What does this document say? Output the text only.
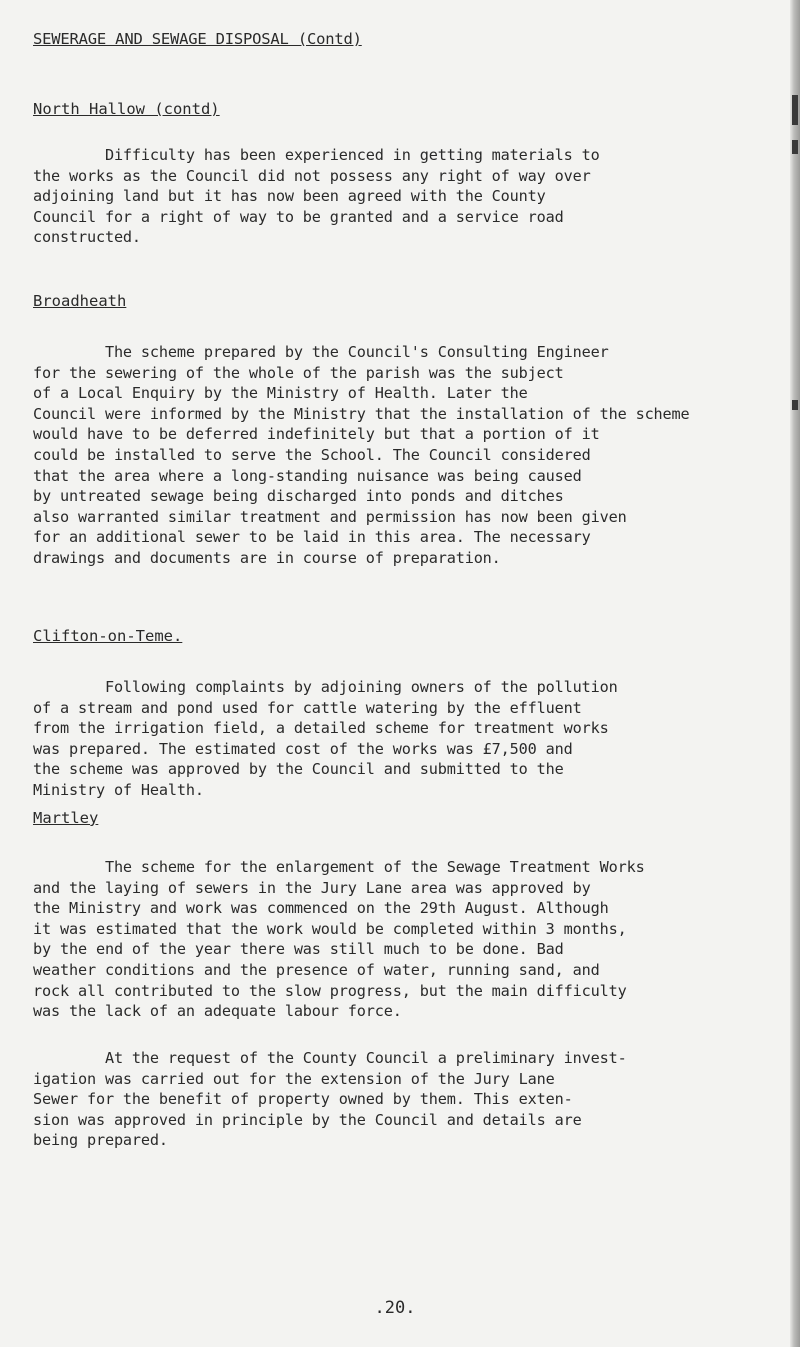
SEWERAGE AND SEWAGE DISPOSAL (Contd)
North Hallow (contd)
Difficulty has been experienced in getting materials to
the works as the Council did not possess any right of way over
adjoining land but it has now been agreed with the County
Council for a right of way to be granted and a service road
constructed.
Broadheath
The scheme prepared by the Council's Consulting Engineer
for the sewering of the whole of the parish was the subject
of a Local Enquiry by the Ministry of Health. Later the
Council were informed by the Ministry that the installation of the scheme
would have to be deferred indefinitely but that a portion of it
could be installed to serve the School. The Council considered
that the area where a long-standing nuisance was being caused
by untreated sewage being discharged into ponds and ditches
also warranted similar treatment and permission has now been given
for an additional sewer to be laid in this area. The necessary
drawings and documents are in course of preparation.
Clifton-on-Teme.
Following complaints by adjoining owners of the pollution
of a stream and pond used for cattle watering by the effluent
from the irrigation field, a detailed scheme for treatment works
was prepared. The estimated cost of the works was £7,500 and
the scheme was approved by the Council and submitted to the
Ministry of Health.
Martley
The scheme for the enlargement of the Sewage Treatment Works
and the laying of sewers in the Jury Lane area was approved by
the Ministry and work was commenced on the 29th August. Although
it was estimated that the work would be completed within 3 months,
by the end of the year there was still much to be done. Bad
weather conditions and the presence of water, running sand, and
rock all contributed to the slow progress, but the main difficulty
was the lack of an adequate labour force.
At the request of the County Council a preliminary invest-
igation was carried out for the extension of the Jury Lane
Sewer for the benefit of property owned by them. This exten-
sion was approved in principle by the Council and details are
being prepared.
.20.
